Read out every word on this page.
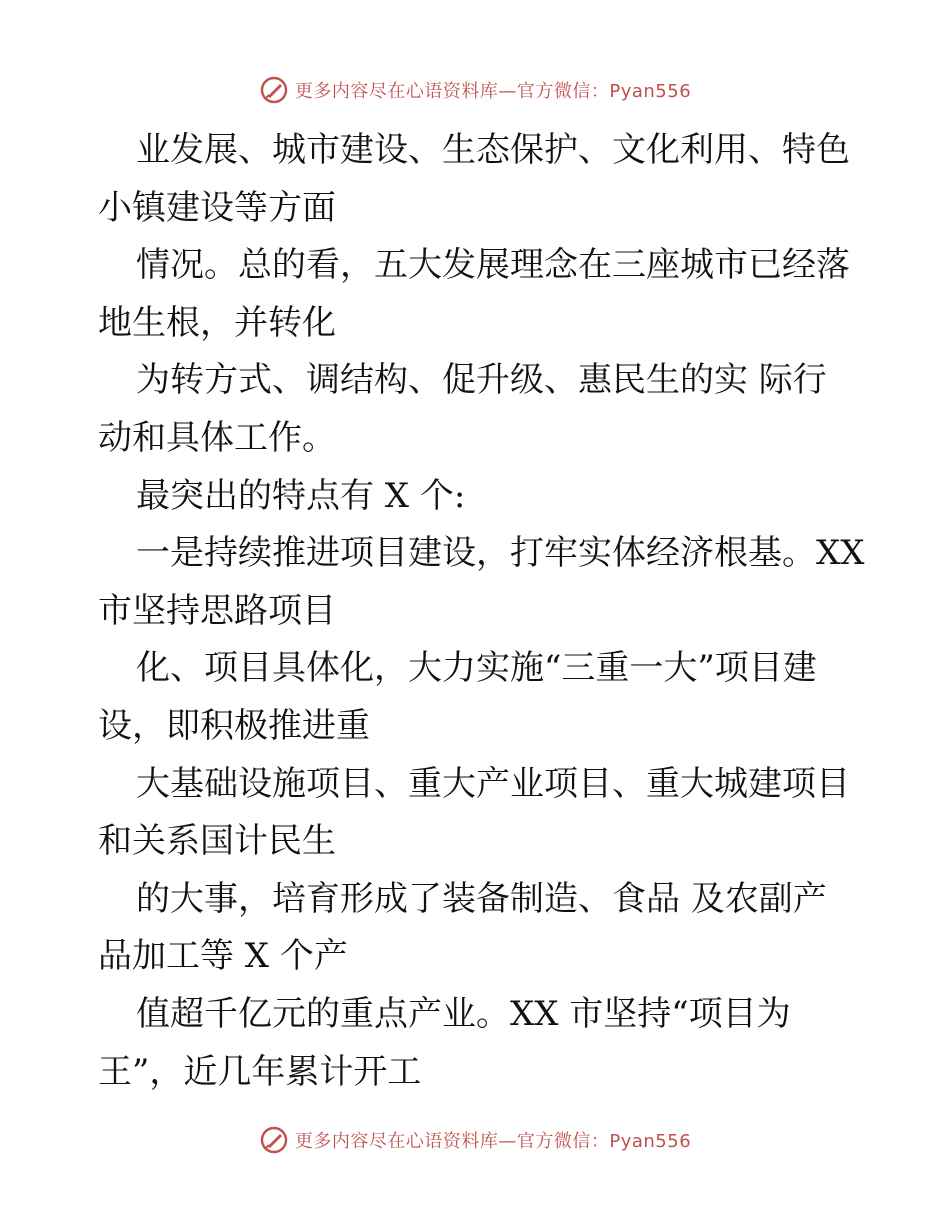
更多内容尽在心语资料库—官方微信：Pyan556

业发展、城市建设、生态保护、文化利用、特色
小镇建设等方面

情况。总的看，五大发展理念在三座城市已经落
地生根，并转化

为转方式、调结构、促升级、惠民生的实 际行
动和具体工作。

最突出的特点有 X 个:

一是持续推进项目建设，打牢实体经济根基。XX
市坚持思路项目

化、项目具体化，大力实施“三重一大”项目建
设，即积极推进重

大基础设施项目、重大产业项目、重大城建项目
和关系国计民生

的大事，培育形成了装备制造、食品 及农副产
品加工等 X 个产

值超千亿元的重点产业。XX 市坚持“项目为
王”，近几年累计开工

更多内容尽在心语资料库—官方微信：Pyan556
